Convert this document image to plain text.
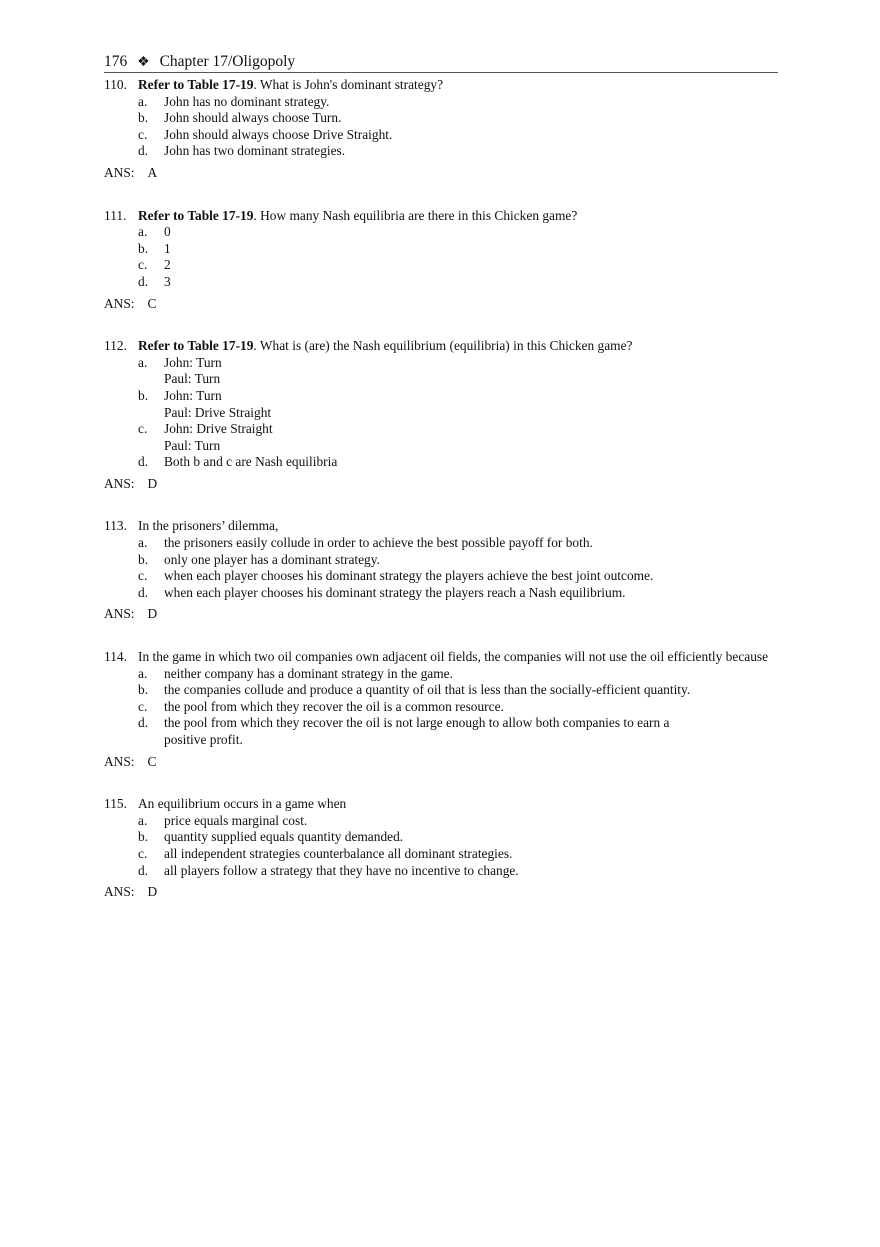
176 ❖ Chapter 17/Oligopoly
110. Refer to Table 17-19. What is John's dominant strategy?
a. John has no dominant strategy.
b. John should always choose Turn.
c. John should always choose Drive Straight.
d. John has two dominant strategies.
ANS: A
111. Refer to Table 17-19. How many Nash equilibria are there in this Chicken game?
a. 0
b. 1
c. 2
d. 3
ANS: C
112. Refer to Table 17-19. What is (are) the Nash equilibrium (equilibria) in this Chicken game?
a. John: Turn
Paul: Turn
b. John: Turn
Paul: Drive Straight
c. John: Drive Straight
Paul: Turn
d. Both b and c are Nash equilibria
ANS: D
113. In the prisoners’ dilemma,
a. the prisoners easily collude in order to achieve the best possible payoff for both.
b. only one player has a dominant strategy.
c. when each player chooses his dominant strategy the players achieve the best joint outcome.
d. when each player chooses his dominant strategy the players reach a Nash equilibrium.
ANS: D
114. In the game in which two oil companies own adjacent oil fields, the companies will not use the oil efficiently because
a. neither company has a dominant strategy in the game.
b. the companies collude and produce a quantity of oil that is less than the socially-efficient quantity.
c. the pool from which they recover the oil is a common resource.
d. the pool from which they recover the oil is not large enough to allow both companies to earn a
positive profit.
ANS: C
115. An equilibrium occurs in a game when
a. price equals marginal cost.
b. quantity supplied equals quantity demanded.
c. all independent strategies counterbalance all dominant strategies.
d. all players follow a strategy that they have no incentive to change.
ANS: D
